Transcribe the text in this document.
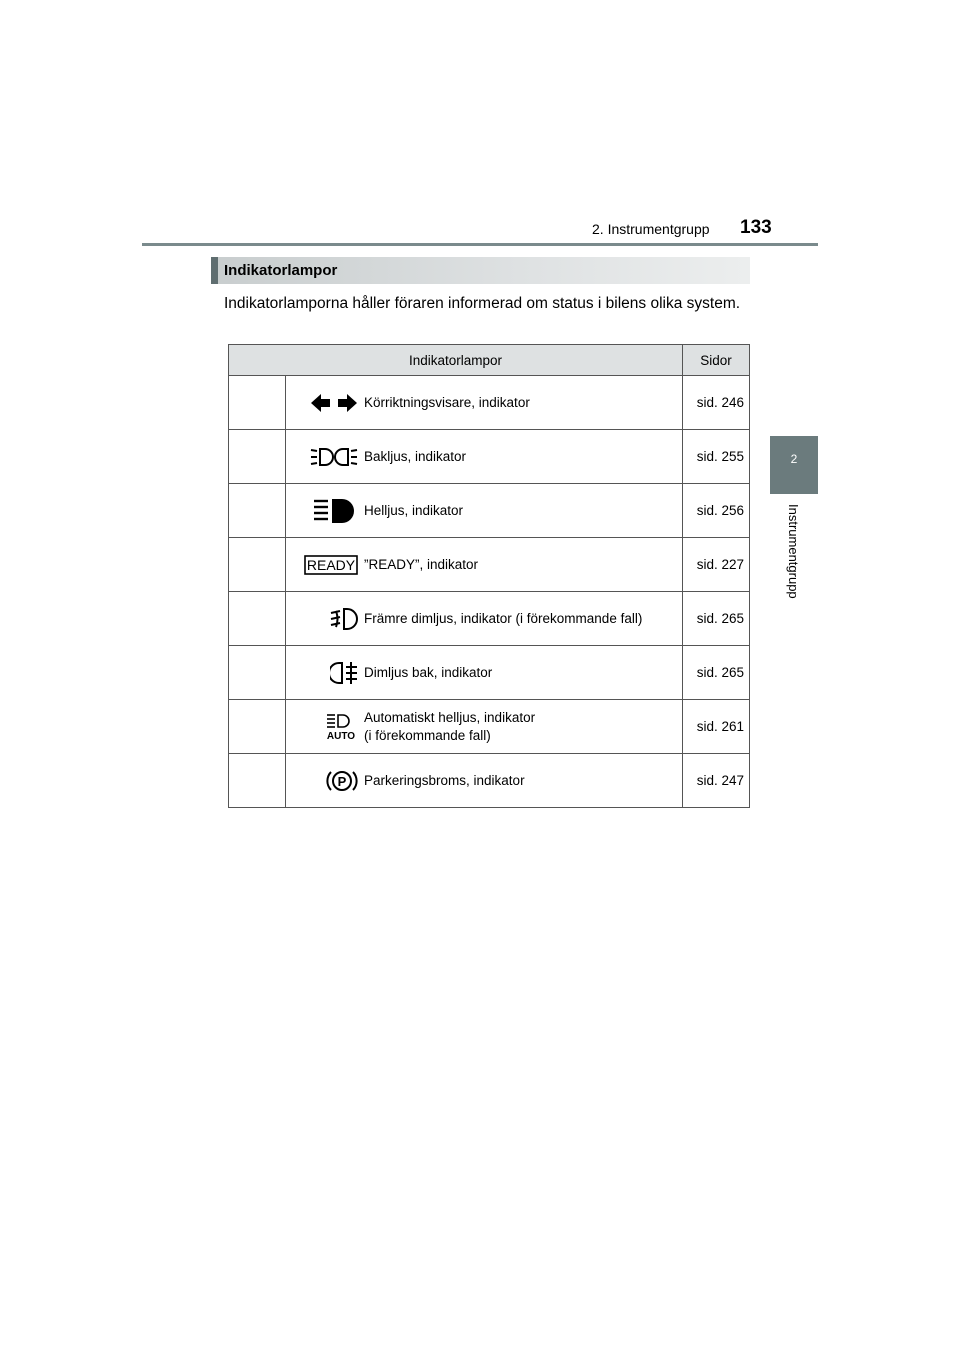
2. Instrumentgrupp 133
2
Instrumentgrupp
Indikatorlampor
Indikatorlamporna håller föraren informerad om status i bilens olika system.
Indikatorlampor			Sidor
		Körriktningsvisare, indikator	sid. 246
		Bakljus, indikator	sid. 255
		Helljus, indikator	sid. 256

READY	”READY”, indikator	sid. 227
		Främre dimljus, indikator (i förekommande fall)	sid. 265
		Dimljus bak, indikator	sid. 265

AUTO	Automatiskt helljus, indikator
(i förekommande fall)	sid. 261

P	Parkeringsbroms, indikator	sid. 247
